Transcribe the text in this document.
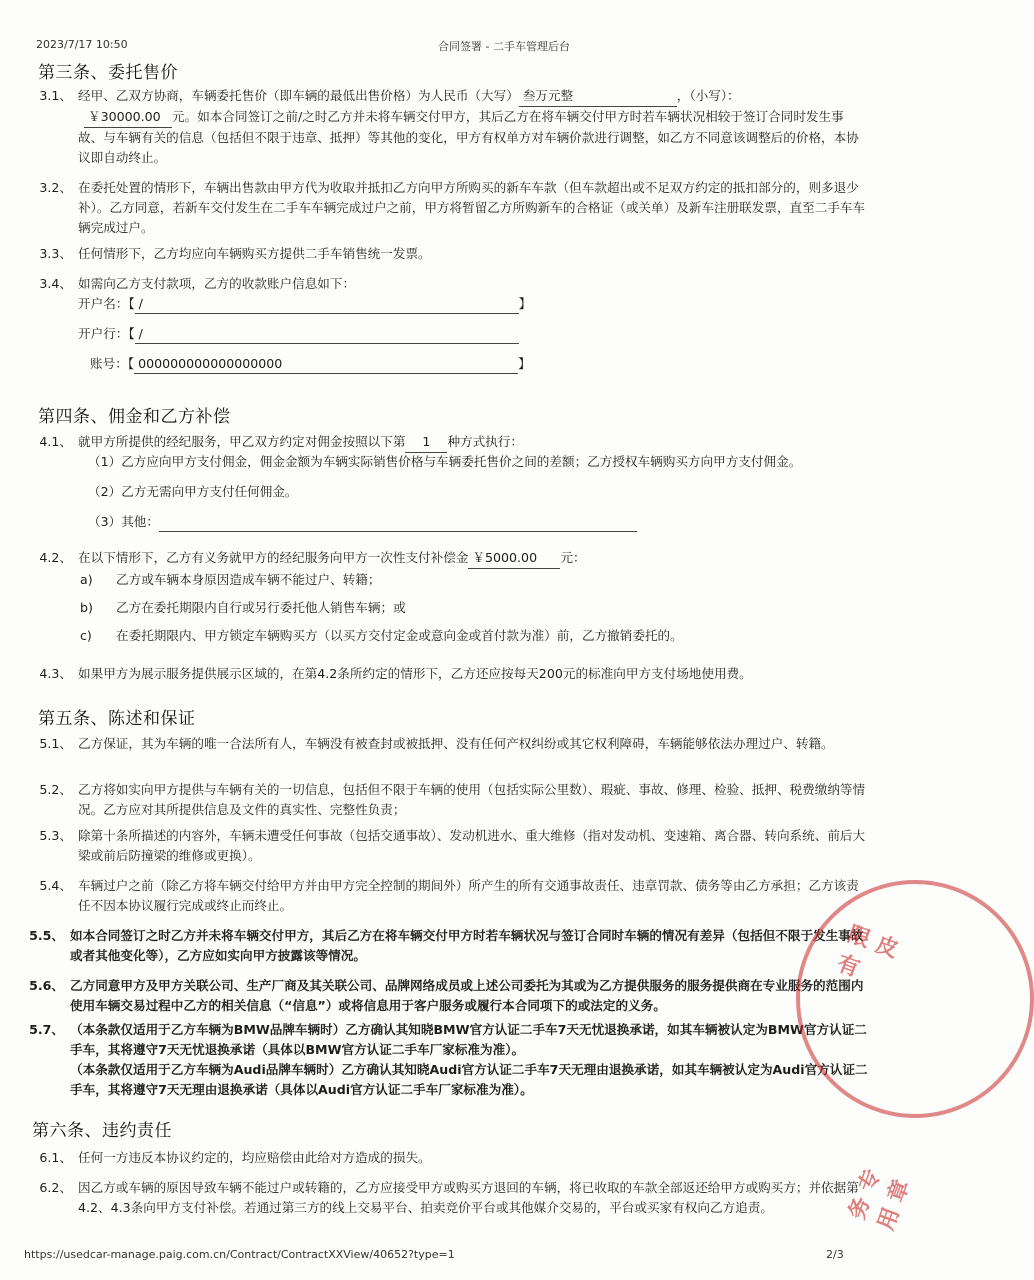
2023/7/17 10:50	合同签署 - 二手车管理后台
第三条、委托售价
3.1、 经甲、乙双方协商，车辆委托售价（即车辆的最低出售价格）为人民币（大写） 叁万元整	，（小写）：
￥30000.00 元。如本合同签订之前/之时乙方并未将车辆交付甲方，其后乙方在将车辆交付甲方时若车辆状况相较于签订合同时发生事故、与车辆有关的信息（包括但不限于违章、抵押）等其他的变化，甲方有权单方对车辆价款进行调整，如乙方不同意该调整后的价格，本协议即自动终止。
3.2、 在委托处置的情形下，车辆出售款由甲方代为收取并抵扣乙方向甲方所购买的新车车款（但车款超出或不足双方约定的抵扣部分的，则多退少补）。乙方同意，若新车交付发生在二手车车辆完成过户之前，甲方将暂留乙方所购新车的合格证（或关单）及新车注册联发票，直至二手车车辆完成过户。
3.3、 任何情形下，乙方均应向车辆购买方提供二手车销售统一发票。
3.4、 如需向乙方支付款项，乙方的收款账户信息如下：
开户名：【 /	】
开户行：【 /
账号：【 000000000000000000	】
第四条、佣金和乙方补偿
4.1、 就甲方所提供的经纪服务，甲乙双方约定对佣金按照以下第 1 种方式执行：
（1）乙方应向甲方支付佣金，佣金金额为车辆实际销售价格与车辆委托售价之间的差额；乙方授权车辆购买方向甲方支付佣金。
（2）乙方无需向甲方支付任何佣金。
（3）其他：
4.2、 在以下情形下，乙方有义务就甲方的经纪服务向甲方一次性支付补偿金 ￥5000.00 元：
a) 乙方或车辆本身原因造成车辆不能过户、转籍；
b) 乙方在委托期限内自行或另行委托他人销售车辆；或
c) 在委托期限内、甲方锁定车辆购买方（以买方交付定金或意向金或首付款为准）前，乙方撤销委托的。
4.3、 如果甲方为展示服务提供展示区域的，在第4.2条所约定的情形下，乙方还应按每天200元的标准向甲方支付场地使用费。
第五条、陈述和保证
5.1、 乙方保证，其为车辆的唯一合法所有人，车辆没有被查封或被抵押、没有任何产权纠纷或其它权利障碍，车辆能够依法办理过户、转籍。
5.2、 乙方将如实向甲方提供与车辆有关的一切信息，包括但不限于车辆的使用（包括实际公里数）、瑕疵、事故、修理、检验、抵押、税费缴纳等情况。乙方应对其所提供信息及文件的真实性、完整性负责；
5.3、 除第十条所描述的内容外，车辆未遭受任何事故（包括交通事故）、发动机进水、重大维修（指对发动机、变速箱、离合器、转向系统、前后大梁或前后防撞梁的维修或更换）。
5.4、 车辆过户之前（除乙方将车辆交付给甲方并由甲方完全控制的期间外）所产生的所有交通事故责任、违章罚款、债务等由乙方承担；乙方该责任不因本协议履行完成或终止而终止。
5.5、 如本合同签订之时乙方并未将车辆交付甲方，其后乙方在将车辆交付甲方时若车辆状况与签订合同时车辆的情况有差异（包括但不限于发生事故或者其他变化等），乙方应如实向甲方披露该等情况。
5.6、 乙方同意甲方及甲方关联公司、生产厂商及其关联公司、品牌网络成员或上述公司委托为其或为乙方提供服务的服务提供商在专业服务的范围内使用车辆交易过程中乙方的相关信息（“信息”）或将信息用于客户服务或履行本合同项下的或法定的义务。
5.7、 （本条款仅适用于乙方车辆为BMW品牌车辆时）乙方确认其知晓BMW官方认证二手车7天无忧退换承诺，如其车辆被认定为BMW官方认证二手车，其将遵守7天无忧退换承诺（具体以BMW官方认证二手车厂家标准为准）。
（本条款仅适用于乙方车辆为Audi品牌车辆时）乙方确认其知晓Audi官方认证二手车7天无理由退换承诺，如其车辆被认定为Audi官方认证二手车，其将遵守7天无理由退换承诺（具体以Audi官方认证二手车厂家标准为准）。
第六条、违约责任
6.1、 任何一方违反本协议约定的，均应赔偿由此给对方造成的损失。
6.2、 因乙方或车辆的原因导致车辆不能过户或转籍的，乙方应接受甲方或购买方退回的车辆，将已收取的车款全部返还给甲方或购买方；并依据第4.2、4.3条向甲方支付补偿。若通过第三方的线上交易平台、拍卖竞价平台或其他媒介交易的，平台或买家有权向乙方追责。
限 皮 有
务 专 用 章
https://usedcar-manage.paig.com.cn/Contract/ContractXXView/40652?type=1	2/3
